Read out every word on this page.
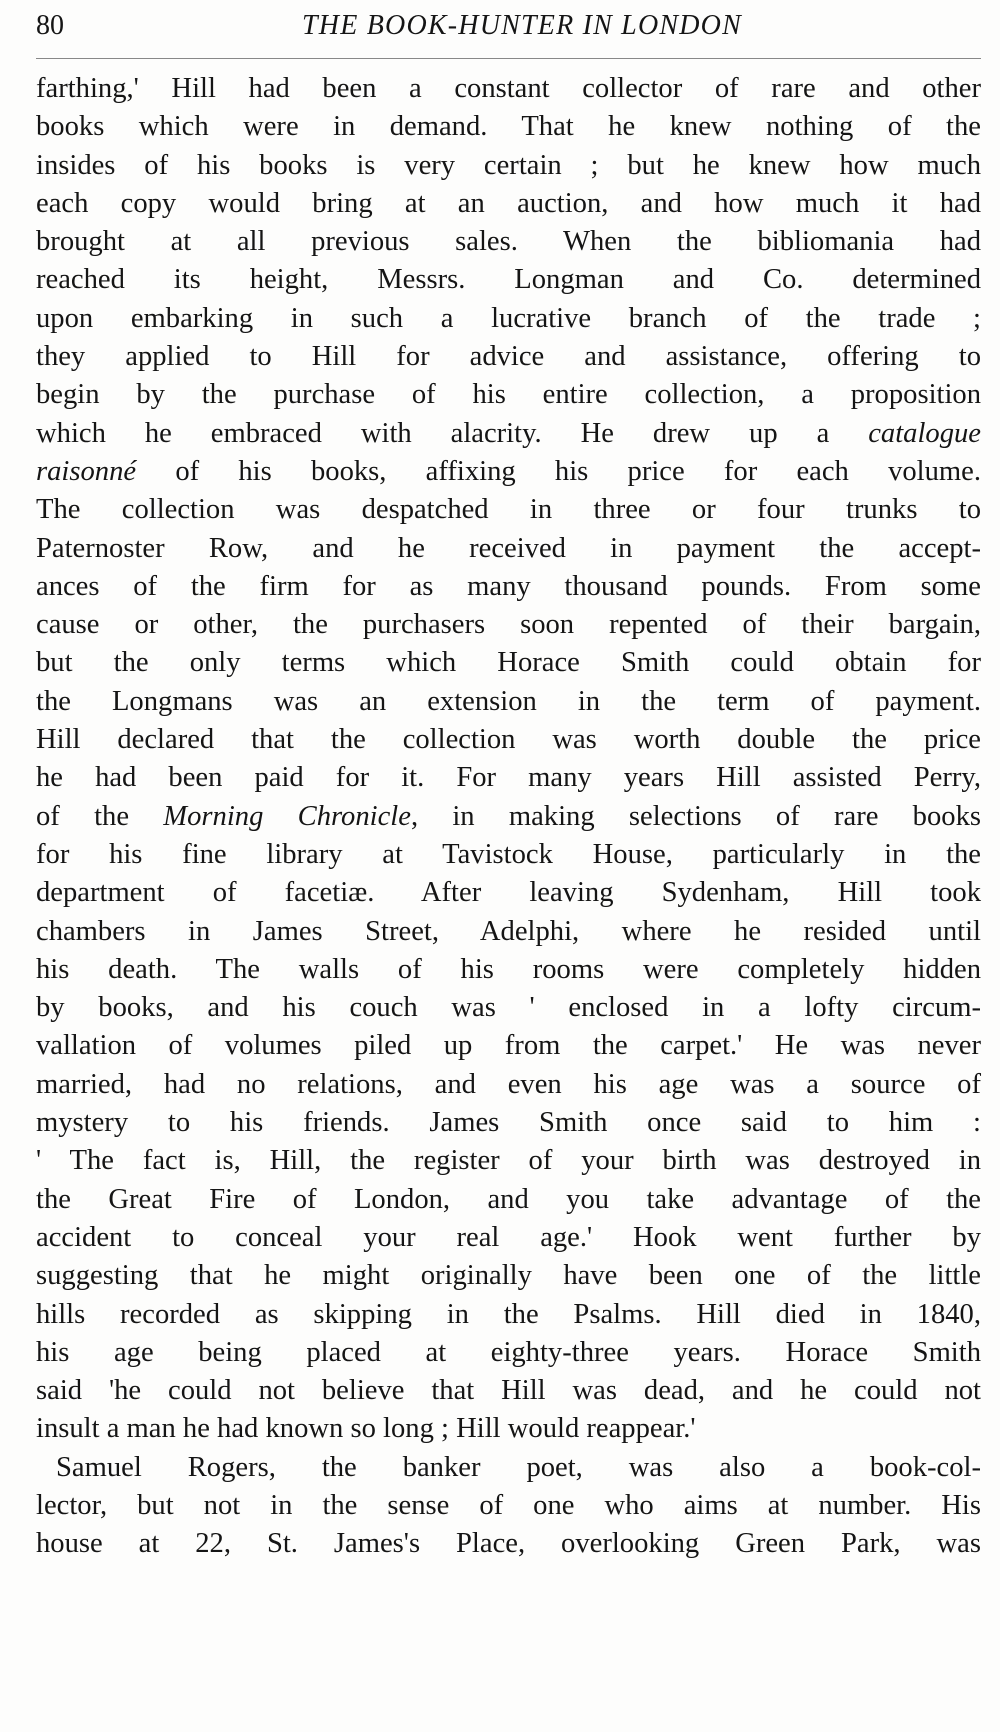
80	THE BOOK-HUNTER IN LONDON
farthing,' Hill had been a constant collector of rare and other
books which were in demand. That he knew nothing of the
insides of his books is very certain ; but he knew how much
each copy would bring at an auction, and how much it had
brought at all previous sales. When the bibliomania had
reached its height, Messrs. Longman and Co. determined
upon embarking in such a lucrative branch of the trade ;
they applied to Hill for advice and assistance, offering to
begin by the purchase of his entire collection, a proposition
which he embraced with alacrity. He drew up a catalogue
raisonné of his books, affixing his price for each volume.
The collection was despatched in three or four trunks to
Paternoster Row, and he received in payment the accept-
ances of the firm for as many thousand pounds. From some
cause or other, the purchasers soon repented of their bargain,
but the only terms which Horace Smith could obtain for
the Longmans was an extension in the term of payment.
Hill declared that the collection was worth double the price
he had been paid for it. For many years Hill assisted Perry,
of the Morning Chronicle, in making selections of rare books
for his fine library at Tavistock House, particularly in the
department of facetiæ. After leaving Sydenham, Hill took
chambers in James Street, Adelphi, where he resided until
his death. The walls of his rooms were completely hidden
by books, and his couch was ' enclosed in a lofty circum-
vallation of volumes piled up from the carpet.' He was never
married, had no relations, and even his age was a source of
mystery to his friends. James Smith once said to him :
' The fact is, Hill, the register of your birth was destroyed in
the Great Fire of London, and you take advantage of the
accident to conceal your real age.' Hook went further by
suggesting that he might originally have been one of the little
hills recorded as skipping in the Psalms. Hill died in 1840,
his age being placed at eighty-three years. Horace Smith
said 'he could not believe that Hill was dead, and he could not
insult a man he had known so long ; Hill would reappear.'
Samuel Rogers, the banker poet, was also a book-col-
lector, but not in the sense of one who aims at number. His
house at 22, St. James's Place, overlooking Green Park, was
